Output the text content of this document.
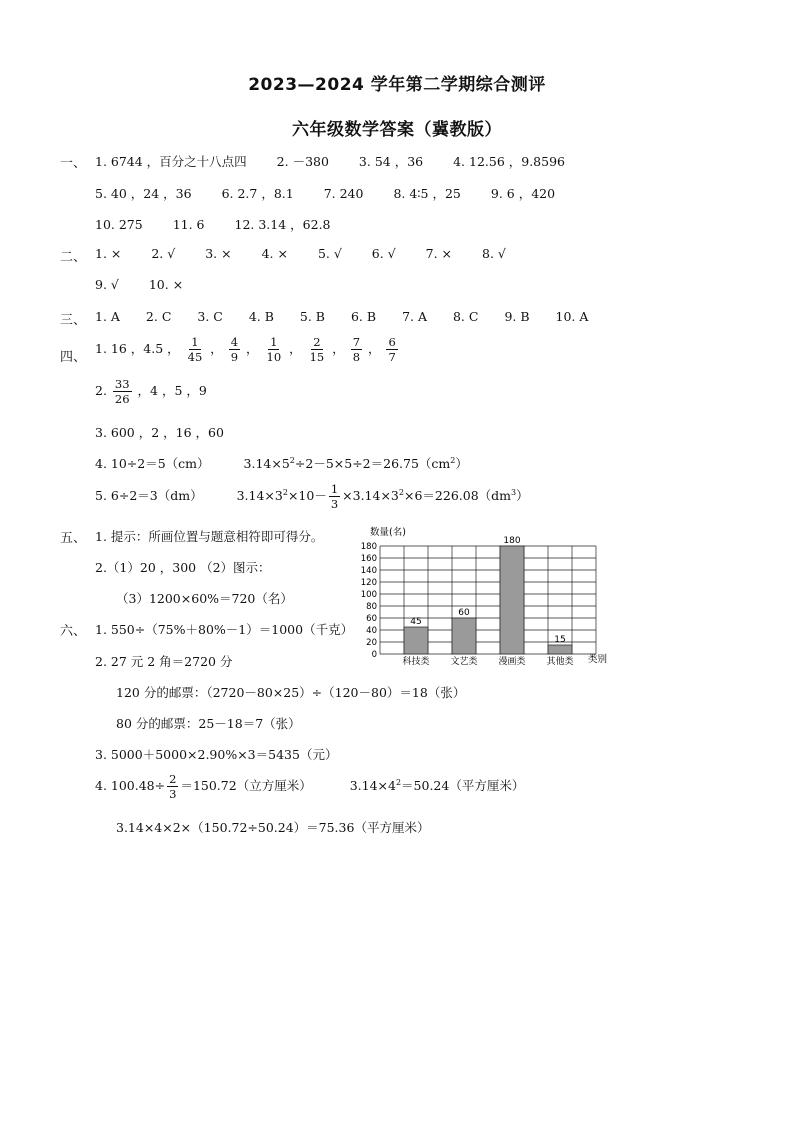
2023—2024 学年第二学期综合测评
六年级数学答案（冀教版）
一、 1. 6744 ，百分之十八点四 2. －380 3. 54 ，36 4. 12.56 ，9.8596
5. 40 ，24 ，36 6. 2.7 ，8.1 7. 240 8. 4∶5 ，25 9. 6 ，420
10. 275 11. 6 12. 3.14 ，62.8
二、 1. × 2. √ 3. × 4. × 5. √ 6. √ 7. × 8. √
9. √ 10. ×
三、 1. A 2. C 3. C 4. B 5. B 6. B 7. A 8. C 9. B 10. A
四、
1. 16 ，4.5 ， $\frac{1}{45}$ ， $\frac{4}{9}$ ， $\frac{1}{10}$ ， $\frac{2}{15}$ ， $\frac{7}{8}$ ， $\frac{6}{7}$
2. $\frac{33}{26}$ ，4 ，5 ，9
3. 600 ，2 ，16 ，60
4. 10÷2＝5（cm）	$3.14\times 5^2\div 2-5\times 5\div 2=26.75(cm^2)$
5. 6÷2＝3（dm）	$3.14\times 3^2\times 10- \frac{1}{3} \times 3.14\times 3^2\times 6=226.08(dm^3)$
五、 1. 提示：所画位置与题意相符即可得分。
2.（1）20 ，300 （2）图示：
（3）1200×60%＝720（名）
六、 1. 550÷（75%＋80%－1）＝1000（千克）
2. 27 元 2 角＝2720 分
120 分的邮票：（2720－80×25）÷（120－80）＝18（张）
80 分的邮票：25－18＝7（张）
3. 5000＋5000×2.90%×3＝5435（元）
4. $100.48\div \frac{2}{3} =150.72$（立方厘米）	$3.14\times 4^2=50.24$（平方厘米）
3.14×4×2×（150.72÷50.24）＝75.36（平方厘米）
数量(名)
类别
0
20
40
60
80
100
120
140
160
180
45
科技类
60
文艺类
180
漫画类
15
其他类
